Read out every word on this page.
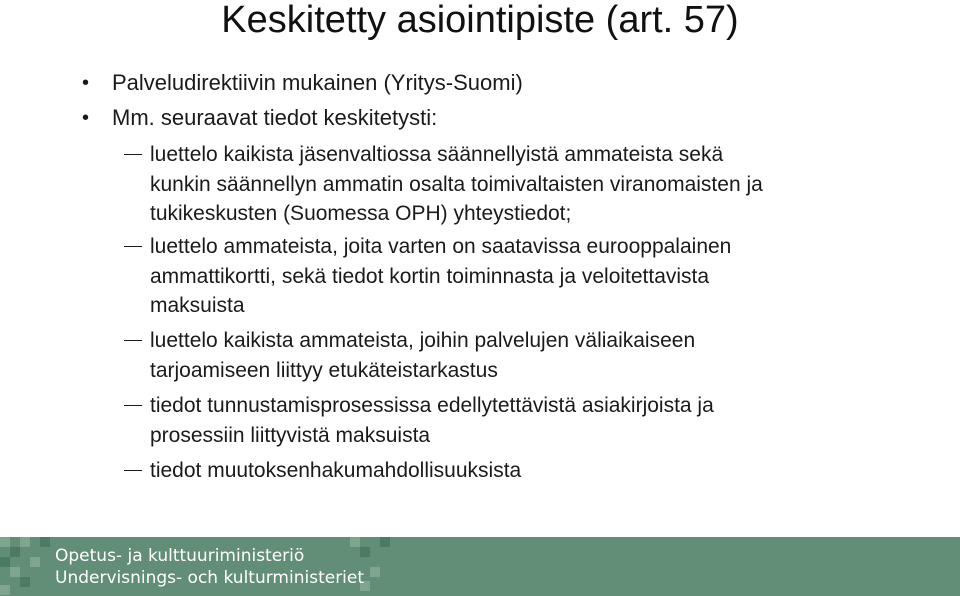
Keskitetty asiointipiste (art. 57)
•	Palveludirektiivin mukainen (Yritys-Suomi)
•	Mm. seuraavat tiedot keskitetysti:
luettelo kaikista jäsenvaltiossa säännellyistä ammateista sekä
kunkin säännellyn ammatin osalta toimivaltaisten viranomaisten ja
tukikeskusten (Suomessa OPH) yhteystiedot;
luettelo ammateista, joita varten on saatavissa eurooppalainen
ammattikortti, sekä tiedot kortin toiminnasta ja veloitettavista
maksuista
luettelo kaikista ammateista, joihin palvelujen väliaikaiseen
tarjoamiseen liittyy etukäteistarkastus
tiedot tunnustamisprosessissa edellytettävistä asiakirjoista ja
prosessiin liittyvistä maksuista
tiedot muutoksenhakumahdollisuuksista
Opetus- ja kulttuuriministeriö
Undervisnings- och kulturministeriet
